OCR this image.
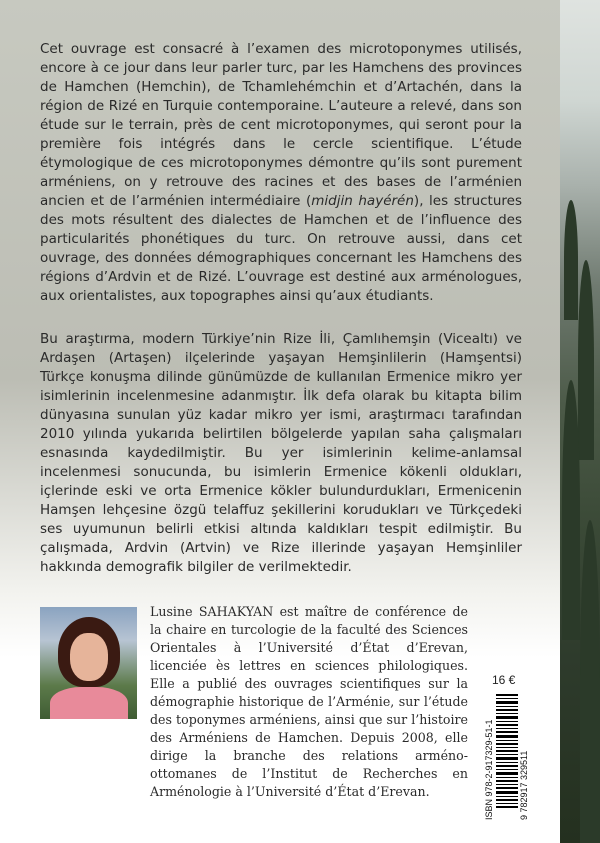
Cet ouvrage est consacré à l’examen des microtoponymes utilisés, encore à ce jour dans leur parler turc, par les Hamchens des provinces de Hamchen (Hemchin), de Tchamlehémchin et d’Artachén, dans la région de Rizé en Turquie contemporaine. L’auteure a relevé, dans son étude sur le terrain, près de cent microtoponymes, qui seront pour la première fois intégrés dans le cercle scientifique. L’étude étymologique de ces microtoponymes démontre qu’ils sont purement arméniens, on y retrouve des racines et des bases de l’arménien ancien et de l’arménien intermédiaire (midjin hayérén), les structures des mots résultent des dialectes de Hamchen et de l’influence des particularités phonétiques du turc. On retrouve aussi, dans cet ouvrage, des données démographiques concernant les Hamchens des régions d’Ardvin et de Rizé. L’ouvrage est destiné aux arménologues, aux orientalistes, aux topographes ainsi qu’aux étudiants.

Bu araştırma, modern Türkiye’nin Rize İli, Çamlıhemşin (Vicealtı) ve Ardaşen (Artaşen) ilçelerinde yaşayan Hemşinlilerin (Hamşentsi) Türkçe konuşma dilinde günümüzde de kullanılan Ermenice mikro yer isimlerinin incelenmesine adanmıştır. İlk defa olarak bu kitapta bilim dünyasına sunulan yüz kadar mikro yer ismi, araştırmacı tarafından 2010 yılında yukarıda belirtilen bölgelerde yapılan saha çalışmaları esnasında kaydedilmiştir. Bu yer isimlerinin kelime-anlamsal incelenmesi sonucunda, bu isimlerin Ermenice kökenli oldukları, içlerinde eski ve orta Ermenice kökler bulundurdukları, Ermenicenin Hamşen lehçesine özgü telaffuz şekillerini korudukları ve Türkçedeki ses uyumunun belirli etkisi altında kaldıkları tespit edilmiştir. Bu çalışmada, Ardvin (Artvin) ve Rize illerinde yaşayan Hemşinliler hakkında demografik bilgiler de verilmektedir.

Lusine SAHAKYAN est maître de conférence de la chaire en turcologie de la faculté des Sciences Orientales à l’Université d’État d’Erevan, licenciée ès lettres en sciences philologiques. Elle a publié des ouvrages scientifiques sur la démographie historique de l’Arménie, sur l’étude des toponymes arméniens, ainsi que sur l’histoire des Arméniens de Hamchen. Depuis 2008, elle dirige la branche des relations arméno-ottomanes de l’Institut de Recherches en Arménologie à l’Université d’État d’Erevan.

16 €
ISBN 978-2-917329-51-1	9 782917 329511
